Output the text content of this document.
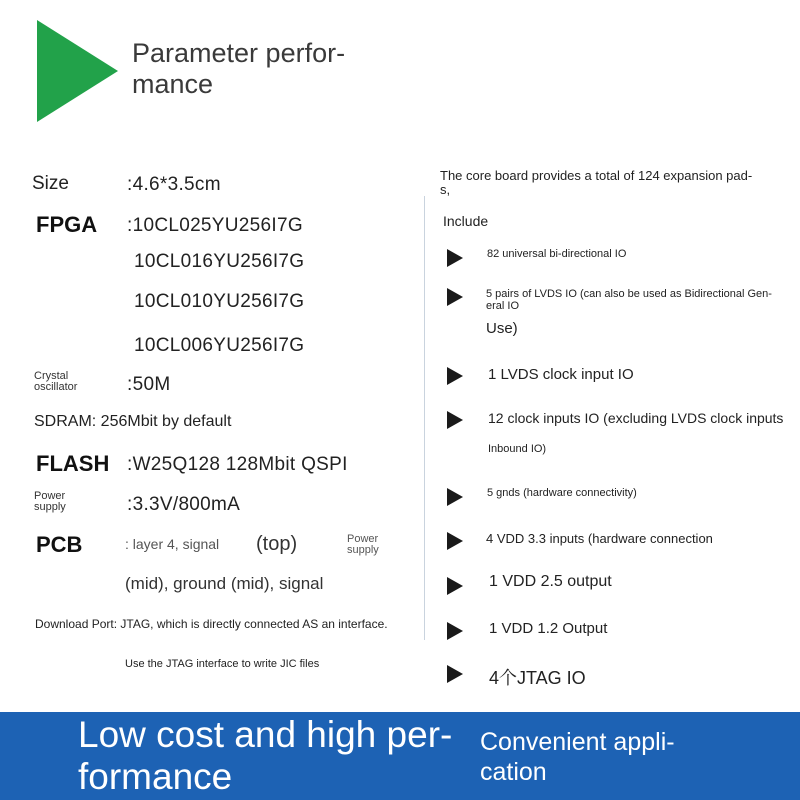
Parameter perfor-
mance
Size	:4.6*3.5cm
FPGA :10CL025YU256I7G
10CL016YU256I7G
10CL010YU256I7G
10CL006YU256I7G
Crystal
oscillator	:50M
SDRAM: 256Mbit by default
FLASH :W25Q128 128Mbit QSPI
Power
supply	:3.3V/800mA
PCB	: layer 4, signal (top)	Power
supply
(mid), ground (mid), signal
Download Port: JTAG, which is directly connected AS an interface.
Use the JTAG interface to write JIC files
The core board provides a total of 124 expansion pad-
s,
Include
82 universal bi-directional IO
5 pairs of LVDS IO (can also be used as Bidirectional Gen-
eral IO
Use)
1 LVDS clock input IO
12 clock inputs IO (excluding LVDS clock inputs
Inbound IO)
5 gnds (hardware connectivity)
4 VDD 3.3 inputs (hardware connection
1 VDD 2.5 output
1 VDD 1.2 Output
4个JTAG IO
Low cost and high per-
formance
Convenient appli-
cation
